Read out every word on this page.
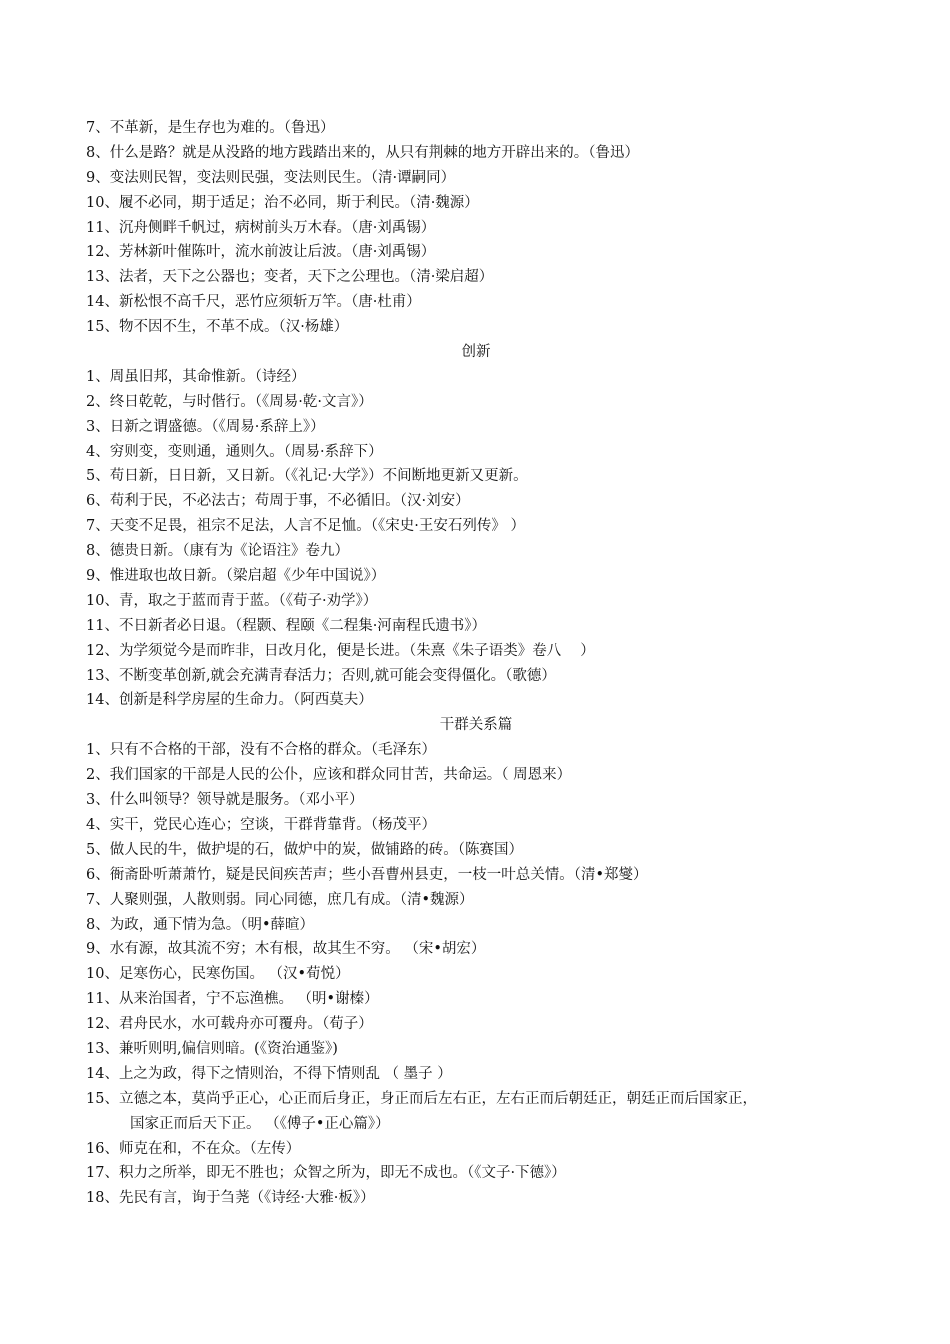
7、不革新，是生存也为难的。（鲁迅）
8、什么是路？就是从没路的地方践踏出来的，从只有荆棘的地方开辟出来的。（鲁迅）
9、变法则民智，变法则民强，变法则民生。（清·谭嗣同）
10、履不必同，期于适足；治不必同，斯于利民。（清·魏源）
11、沉舟侧畔千帆过，病树前头万木春。（唐·刘禹锡）
12、芳林新叶催陈叶，流水前波让后波。（唐·刘禹锡）
13、法者，天下之公器也；变者，天下之公理也。（清·梁启超）
14、新松恨不高千尺，恶竹应须斩万竿。（唐·杜甫）
15、物不因不生，不革不成。（汉·杨雄）
创新
1、周虽旧邦，其命惟新。（诗经）
2、终日乾乾，与时偕行。（《周易·乾·文言》）
3、日新之谓盛德。（《周易·系辞上》）
4、穷则变，变则通，通则久。（周易·系辞下）
5、苟日新，日日新，又日新。（《礼记·大学》）不间断地更新又更新。
6、苟利于民，不必法古；苟周于事，不必循旧。（汉·刘安）
7、天变不足畏，祖宗不足法，人言不足恤。（《宋史·王安石列传》 ）
8、德贵日新。（康有为《论语注》卷九）
9、惟进取也故日新。（梁启超《少年中国说》）
10、青，取之于蓝而青于蓝。（《荀子·劝学》）
11、不日新者必日退。（程颢、程颐《二程集·河南程氏遗书》）
12、为学须觉今是而昨非，日改月化，便是长进。（朱熹《朱子语类》卷八　 ）
13、不断变革创新,就会充满青春活力；否则,就可能会变得僵化。（歌德）
14、创新是科学房屋的生命力。（阿西莫夫）
干群关系篇
1、只有不合格的干部，没有不合格的群众。（毛泽东）
2、我们国家的干部是人民的公仆，应该和群众同甘苦，共命运。（ 周恩来）
3、什么叫领导？领导就是服务。（邓小平）
4、实干，党民心连心；空谈，干群背靠背。（杨茂平）
5、做人民的牛，做护堤的石，做炉中的炭，做铺路的砖。（陈赛国）
6、衙斋卧听萧萧竹，疑是民间疾苦声；些小吾曹州县吏，一枝一叶总关情。（清•郑燮）
7、人聚则强，人散则弱。同心同德，庶几有成。（清•魏源）
8、为政，通下情为急。（明•薛暄）
9、水有源，故其流不穷；木有根，故其生不穷。 （宋•胡宏）
10、足寒伤心，民寒伤国。 （汉•荀悦）
11、从来治国者，宁不忘渔樵。 （明•谢榛）
12、君舟民水，水可载舟亦可覆舟。（荀子）
13、兼听则明,偏信则暗。(《资治通鉴》)
14、上之为政，得下之情则治，不得下情则乱 （ 墨子 ）
15、立德之本，莫尚乎正心，心正而后身正，身正而后左右正，左右正而后朝廷正，朝廷正而后国家正，
国家正而后天下正。 （《傅子•正心篇》）
16、师克在和，不在众。（左传）
17、积力之所举，即无不胜也；众智之所为，即无不成也。（《文子·下德》）
18、先民有言，询于刍荛（《诗经·大雅·板》）
